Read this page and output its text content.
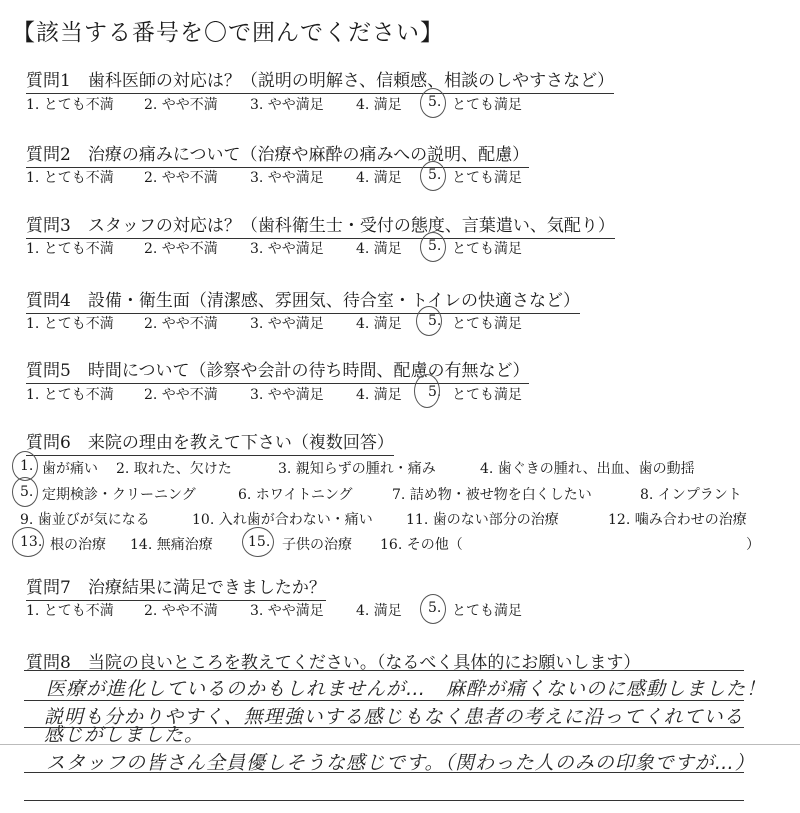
【該当する番号を〇で囲んでください】
質問1　歯科医師の対応は？（説明の明解さ、信頼感、相談のしやすさなど）
1. とても不満 2. やや不満 3. やや満足 4. 満足 5. とても満足
質問2　治療の痛みについて（治療や麻酔の痛みへの説明、配慮）
1. とても不満 2. やや不満 3. やや満足 4. 満足 5. とても満足
質問3　スタッフの対応は？（歯科衛生士・受付の態度、言葉遣い、気配り）
1. とても不満 2. やや不満 3. やや満足 4. 満足 5. とても満足
質問4　設備・衛生面（清潔感、雰囲気、待合室・トイレの快適さなど）
1. とても不満 2. やや不満 3. やや満足 4. 満足 5. とても満足
質問5　時間について（診察や会計の待ち時間、配慮の有無など）
1. とても不満 2. やや不満 3. やや満足 4. 満足 5. とても満足
質問6　来院の理由を教えて下さい（複数回答）
1. 歯が痛い 2. 取れた、欠けた	3. 親知らずの腫れ・痛み	4. 歯ぐきの腫れ、出血、歯の動揺
5. 定期検診・クリーニング	6. ホワイトニング	7. 詰め物・被せ物を白くしたい	8. インプラント
9. 歯並びが気になる	10. 入れ歯が合わない・痛い 11. 歯のない部分の治療	12. 噛み合わせの治療
13. 根の治療 14. 無痛治療	15. 子供の治療 16. その他（	）
質問7　治療結果に満足できましたか？
1. とても不満 2. やや不満 3. やや満足 4. 満足 5. とても満足
質問8　当院の良いところを教えてください。（なるべく具体的にお願いします）
医療が進化しているのかもしれませんが…　麻酔が痛くないのに感動しました！
説明も分かりやすく、無理強いする感じもなく患者の考えに沿ってくれている
感じがしました。
スタッフの皆さん全員優しそうな感じです。（関わった人のみの印象ですが…）
